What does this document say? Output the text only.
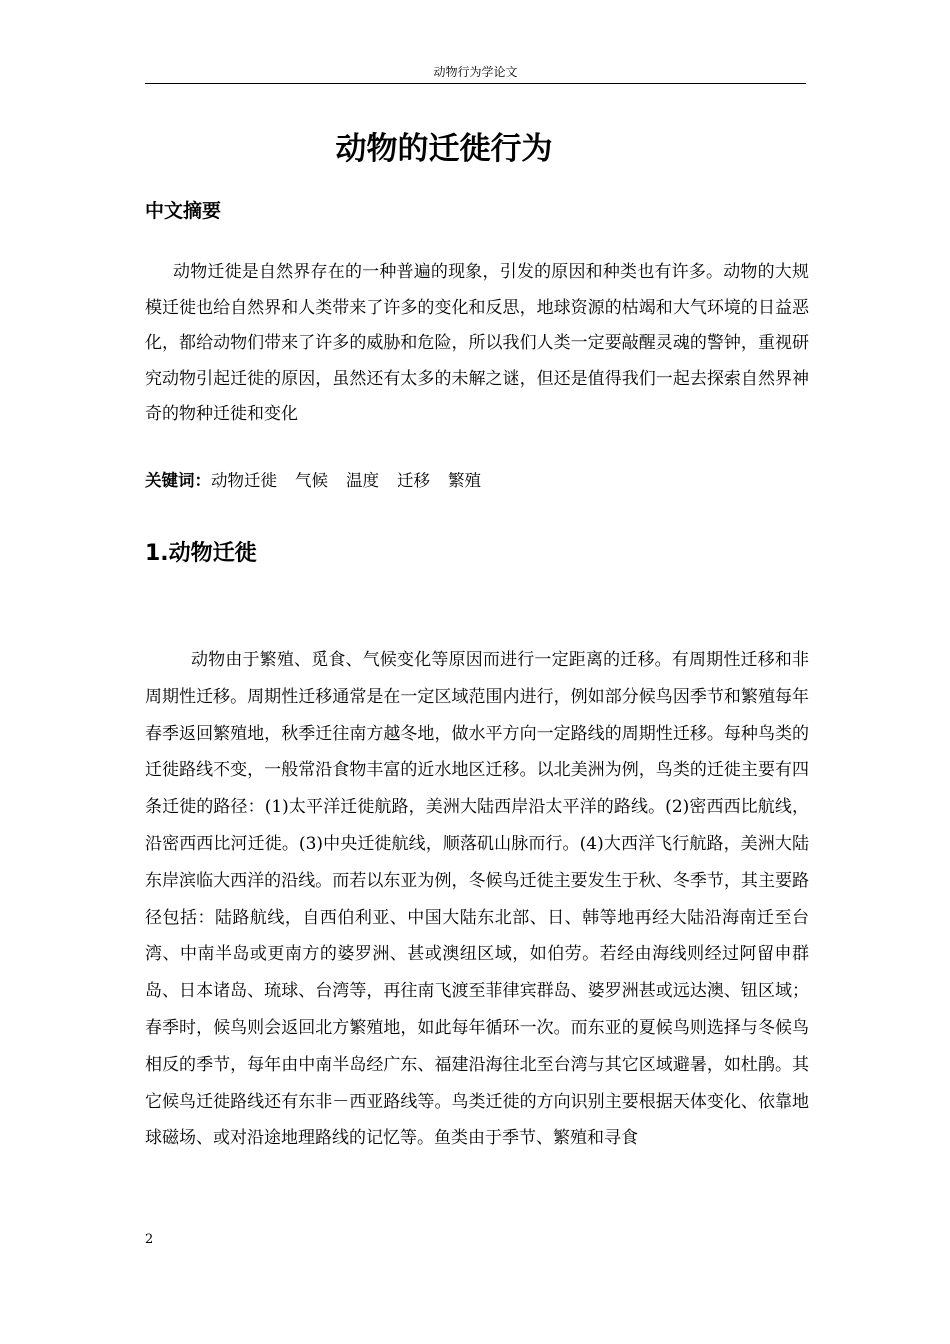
动物行为学论文
动物的迁徙行为
中文摘要

动物迁徙是自然界存在的一种普遍的现象，引发的原因和种类也有许多。动物的大规模迁徙也给自然界和人类带来了许多的变化和反思，地球资源的枯竭和大气环境的日益恶化，都给动物们带来了许多的威胁和危险，所以我们人类一定要敲醒灵魂的警钟，重视研究动物引起迁徙的原因，虽然还有太多的未解之谜，但还是值得我们一起去探索自然界神奇的物种迁徙和变化

关键词：动物迁徙 气候 温度 迁移 繁殖
1.动物迁徙

动物由于繁殖、觅食、气候变化等原因而进行一定距离的迁移。有周期性迁移和非周期性迁移。周期性迁移通常是在一定区域范围内进行，例如部分候鸟因季节和繁殖每年春季返回繁殖地，秋季迁往南方越冬地，做水平方向一定路线的周期性迁移。每种鸟类的迁徙路线不变，一般常沿食物丰富的近水地区迁移。以北美洲为例，鸟类的迁徙主要有四条迁徙的路径：(1)太平洋迁徙航路，美洲大陆西岸沿太平洋的路线。(2)密西西比航线，沿密西西比河迁徙。(3)中央迁徙航线，顺落矶山脉而行。(4)大西洋飞行航路，美洲大陆东岸滨临大西洋的沿线。而若以东亚为例，冬候鸟迁徙主要发生于秋、冬季节，其主要路径包括：陆路航线，自西伯利亚、中国大陆东北部、日、韩等地再经大陆沿海南迁至台湾、中南半岛或更南方的婆罗洲、甚或澳纽区域，如伯劳。若经由海线则经过阿留申群岛、日本诸岛、琉球、台湾等，再往南飞渡至菲律宾群岛、婆罗洲甚或远达澳、钮区域；春季时，候鸟则会返回北方繁殖地，如此每年循环一次。而东亚的夏候鸟则选择与冬候鸟相反的季节，每年由中南半岛经广东、福建沿海往北至台湾与其它区域避暑，如杜鹃。其它候鸟迁徙路线还有东非－西亚路线等。鸟类迁徙的方向识别主要根据天体变化、依靠地球磁场、或对沿途地理路线的记忆等。鱼类由于季节、繁殖和寻食

2
